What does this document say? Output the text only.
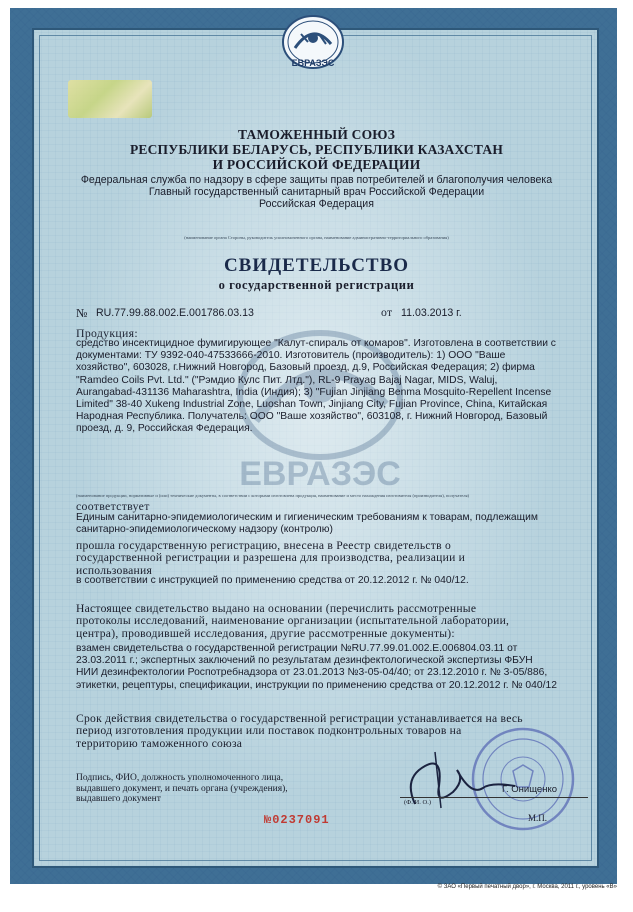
ЕВРАЗЭС
ЕВРАЗЭС
ТАМОЖЕННЫЙ СОЮЗ
РЕСПУБЛИКИ БЕЛАРУСЬ, РЕСПУБЛИКИ КАЗАХСТАН
И РОССИЙСКОЙ ФЕДЕРАЦИИ
Федеральная служба по надзору в сфере защиты прав потребителей и благополучия человека
Главный государственный санитарный врач Российской Федерации
Российская Федерация
(наименование органа Стороны, руководитель уполномоченного органа, наименование административно-территориального образования)
СВИДЕТЕЛЬСТВО
о государственной регистрации
№ RU.77.99.88.002.E.001786.03.13	от 11.03.2013 г.
Продукция:
средство инсектицидное фумигирующее "Калут-спираль от комаров". Изготовлена в соответствии с
документами: ТУ 9392-040-47533666-2010. Изготовитель (производитель): 1) ООО "Ваше
хозяйство", 603028, г.Нижний Новгород, Базовый проезд, д.9, Российская Федерация; 2) фирма
"Ramdeo Coils Pvt. Ltd." ("Рэмдио Кулс Пит. Лтд."), RL-9 Prayag Bajaj Nagar, MIDS, Waluj,
Aurangabad-431136 Maharashtra, India (Индия); 3) "Fujian Jinjiang Benma Mosquito-Repellent Incense
Limited" 38-40 Xukeng Industrial Zone, Luoshan Town, Jinjiang City, Fujian Province, China, Китайская
Народная Республика. Получатель: ООО "Ваше хозяйство", 603108, г. Нижний Новгород, Базовый
проезд, д. 9, Российская Федерация.
(наименование продукции, нормативные и (или) технические документы, в соответствии с которыми изготовлена продукция, наименование и место нахождения изготовителя (производителя), получателя)
соответствует
Единым санитарно-эпидемиологическим и гигиеническим требованиям к товарам, подлежащим
санитарно-эпидемиологическому надзору (контролю)
прошла государственную регистрацию, внесена в Реестр свидетельств о
государственной регистрации и разрешена для производства, реализации и
использования
в соответствии с инструкцией по применению средства от 20.12.2012 г. № 040/12.
Настоящее свидетельство выдано на основании (перечислить рассмотренные
протоколы исследований, наименование организации (испытательной лаборатории,
центра), проводившей исследования, другие рассмотренные документы):
взамен свидетельства о государственной регистрации №RU.77.99.01.002.E.006804.03.11 от
23.03.2011 г.; экспертных заключений по результатам дезинфектологической экспертизы ФБУН
НИИ дезинфектологии Роспотребнадзора от 23.01.2013 №3-05-04/40; от 23.12.2010 г. № 3-05/886,
этикетки, рецептуры, спецификации, инструкции по применению средства от 20.12.2012 г. № 040/12
Срок действия свидетельства о государственной регистрации устанавливается на весь
период изготовления продукции или поставок подконтрольных товаров на
территорию таможенного союза
Подпись, ФИО, должность уполномоченного лица,
выдавшего документ, и печать органа (учреждения),
выдавшего документ
Г. Онищенко
(Ф. И. О.)
М.П.
№0237091
© ЗАО «Первый печатный двор», г. Москва, 2011 г., уровень «В»
